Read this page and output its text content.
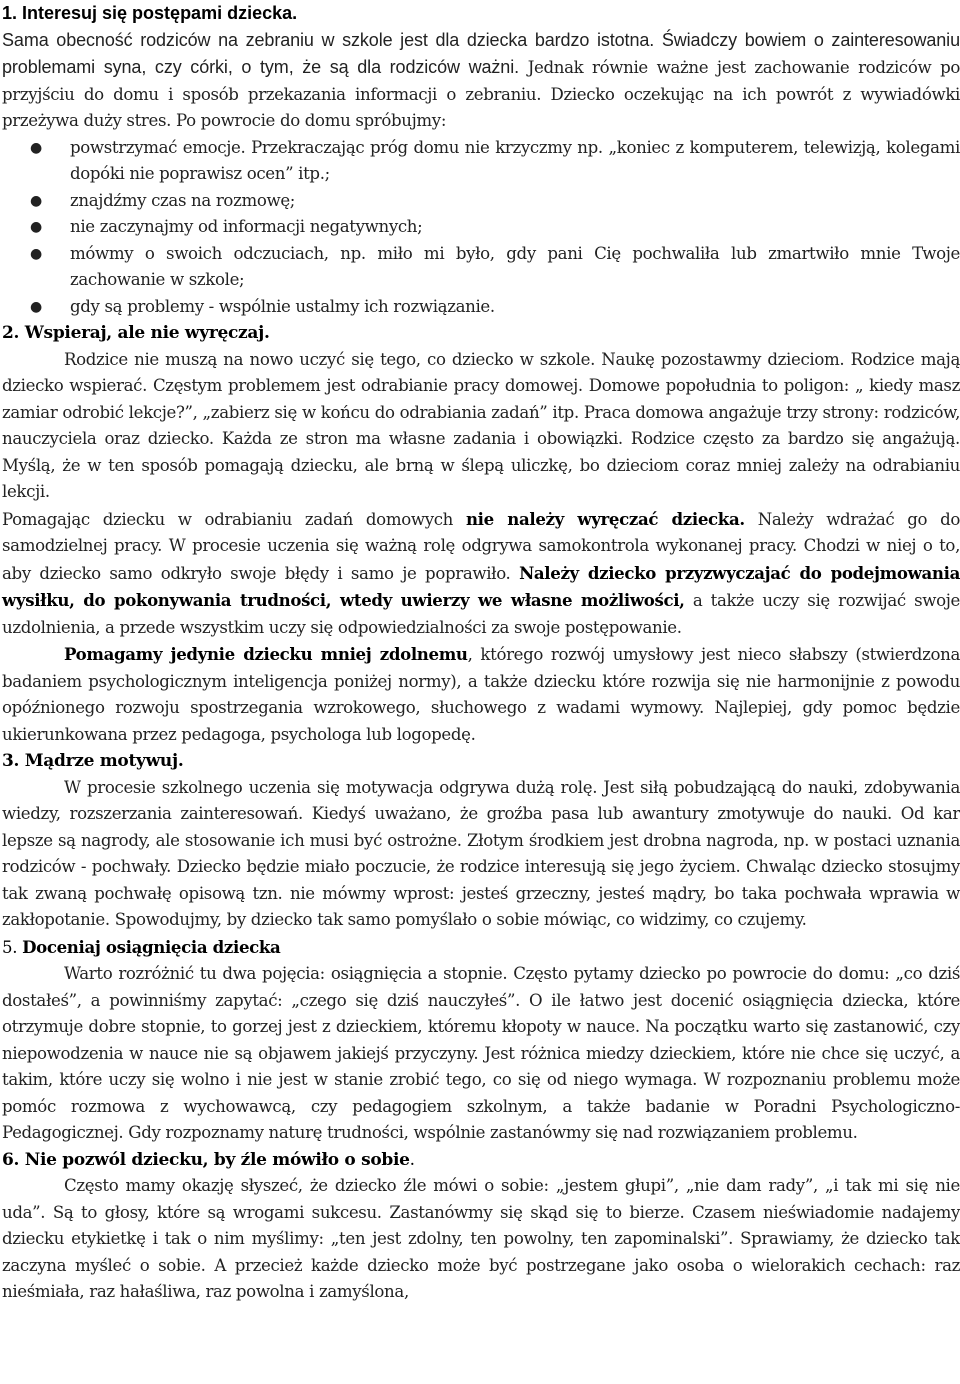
1. Interesuj się postępami dziecka.

Sama obecność rodziców na zebraniu w szkole jest dla dziecka bardzo istotna. Świadczy bowiem o zainteresowaniu problemami syna, czy córki, o tym, że są dla rodziców ważni. Jednak równie ważne jest zachowanie rodziców po przyjściu do domu i sposób przekazania informacji o zebraniu. Dziecko oczekując na ich powrót z wywiadówki przeżywa duży stres. Po powrocie do domu spróbujmy:

● powstrzymać emocje. Przekraczając próg domu nie krzyczmy np. „koniec z komputerem, telewizją, kolegami dopóki nie poprawisz ocen” itp.;
● znajdźmy czas na rozmowę;
● nie zaczynajmy od informacji negatywnych;
● mówmy o swoich odczuciach, np. miło mi było, gdy pani Cię pochwaliła lub zmartwiło mnie Twoje zachowanie w szkole;
● gdy są problemy - wspólnie ustalmy ich rozwiązanie.
2. Wspieraj, ale nie wyręczaj.

Rodzice nie muszą na nowo uczyć się tego, co dziecko w szkole. Naukę pozostawmy dzieciom. Rodzice mają dziecko wspierać. Częstym problemem jest odrabianie pracy domowej. Domowe popołudnia to poligon: „ kiedy masz zamiar odrobić lekcje?”, „zabierz się w końcu do odrabiania zadań” itp. Praca domowa angażuje trzy strony: rodziców, nauczyciela oraz dziecko. Każda ze stron ma własne zadania i obowiązki. Rodzice często za bardzo się angażują. Myślą, że w ten sposób pomagają dziecku, ale brną w ślepą uliczkę, bo dzieciom coraz mniej zależy na odrabianiu lekcji.

Pomagając dziecku w odrabianiu zadań domowych nie należy wyręczać dziecka. Należy wdrażać go do samodzielnej pracy. W procesie uczenia się ważną rolę odgrywa samokontrola wykonanej pracy. Chodzi w niej o to, aby dziecko samo odkryło swoje błędy i samo je poprawiło. Należy dziecko przyzwyczajać do podejmowania wysiłku, do pokonywania trudności, wtedy uwierzy we własne możliwości, a także uczy się rozwijać swoje uzdolnienia, a przede wszystkim uczy się odpowiedzialności za swoje postępowanie.

Pomagamy jedynie dziecku mniej zdolnemu, którego rozwój umysłowy jest nieco słabszy (stwierdzona badaniem psychologicznym inteligencja poniżej normy), a także dziecku które rozwija się nie harmonijnie z powodu opóźnionego rozwoju spostrzegania wzrokowego, słuchowego z wadami wymowy. Najlepiej, gdy pomoc będzie ukierunkowana przez pedagoga, psychologa lub logopedę.

3. Mądrze motywuj.

W procesie szkolnego uczenia się motywacja odgrywa dużą rolę. Jest siłą pobudzającą do nauki, zdobywania wiedzy, rozszerzania zainteresowań. Kiedyś uważano, że groźba pasa lub awantury zmotywuje do nauki. Od kar lepsze są nagrody, ale stosowanie ich musi być ostrożne. Złotym środkiem jest drobna nagroda, np. w postaci uznania rodziców - pochwały. Dziecko będzie miało poczucie, że rodzice interesują się jego życiem. Chwaląc dziecko stosujmy tak zwaną pochwałę opisową tzn. nie mówmy wprost: jesteś grzeczny, jesteś mądry, bo taka pochwała wprawia w zakłopotanie. Spowodujmy, by dziecko tak samo pomyślało o sobie mówiąc, co widzimy, co czujemy.

5. Doceniaj osiągnięcia dziecka

Warto rozróżnić tu dwa pojęcia: osiągnięcia a stopnie. Często pytamy dziecko po powrocie do domu: „co dziś dostałeś”, a powinniśmy zapytać: „czego się dziś nauczyłeś”. O ile łatwo jest docenić osiągnięcia dziecka, które otrzymuje dobre stopnie, to gorzej jest z dzieckiem, któremu kłopoty w nauce. Na początku warto się zastanowić, czy niepowodzenia w nauce nie są objawem jakiejś przyczyny. Jest różnica miedzy dzieckiem, które nie chce się uczyć, a takim, które uczy się wolno i nie jest w stanie zrobić tego, co się od niego wymaga. W rozpoznaniu problemu może pomóc rozmowa z wychowawcą, czy pedagogiem szkolnym, a także badanie w Poradni Psychologiczno- Pedagogicznej. Gdy rozpoznamy naturę trudności, wspólnie zastanówmy się nad rozwiązaniem problemu.

6. Nie pozwól dziecku, by źle mówiło o sobie.

Często mamy okazję słyszeć, że dziecko źle mówi o sobie: „jestem głupi”, „nie dam rady”, „i tak mi się nie uda”. Są to głosy, które są wrogami sukcesu. Zastanówmy się skąd się to bierze. Czasem nieświadomie nadajemy dziecku etykietkę i tak o nim myślimy: „ten jest zdolny, ten powolny, ten zapominalski”. Sprawiamy, że dziecko tak zaczyna myśleć o sobie. A przecież każde dziecko może być postrzegane jako osoba o wielorakich cechach: raz nieśmiała, raz hałaśliwa, raz powolna i zamyślona,
